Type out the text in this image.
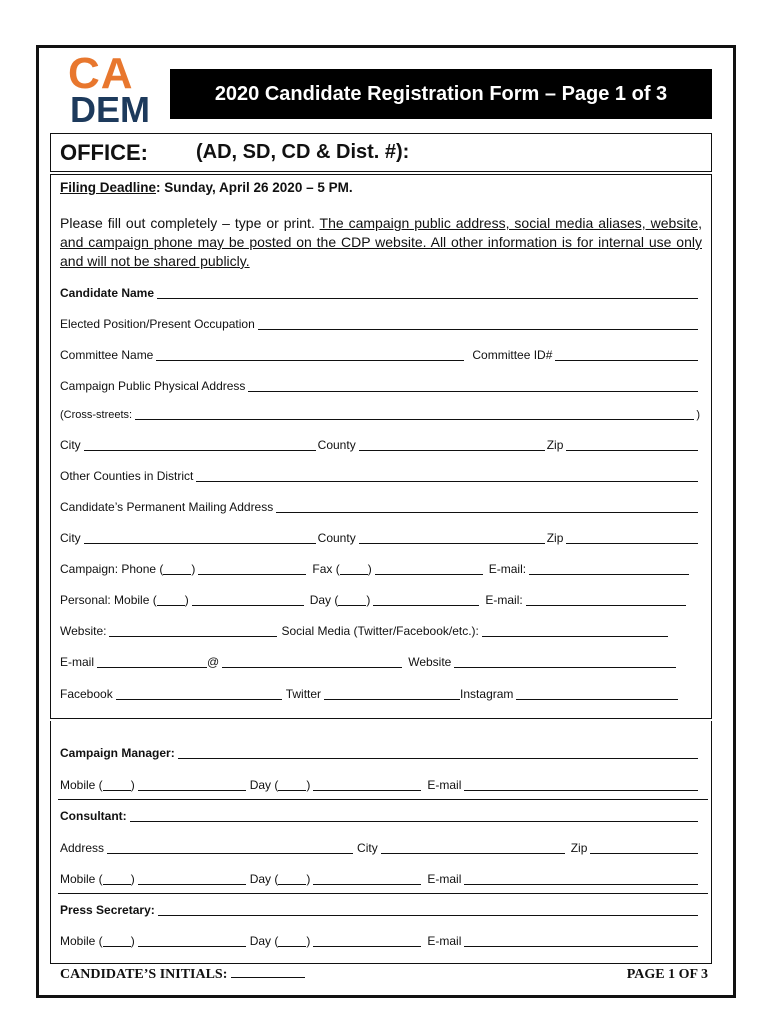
CA
DEM	2020 Candidate Registration Form – Page 1 of 3
OFFICE: (AD, SD, CD & Dist. #):
Filing Deadline: Sunday, April 26 2020 – 5 PM.
Please fill out completely – type or print. The campaign public address, social media aliases, website, and campaign phone may be posted on the CDP website. All other information is for internal use only and will not be shared publicly.
Candidate Name
Elected Position/Present Occupation
Committee Name	Committee ID#
Campaign Public Physical Address
(Cross-streets:	)
City	County	Zip
Other Counties in District
Candidate’s Permanent Mailing Address
City	County	Zip
Campaign: Phone ( )	Fax ( )	E-mail:
Personal: Mobile ( )	Day ( )	E-mail:
Website:	Social Media (Twitter/Facebook/etc.):
E-mail	@	Website
Facebook	Twitter	Instagram
Campaign Manager:
Mobile ( )	Day ( )	E-mail
Consultant:
Address	City	Zip
Mobile ( )	Day ( )	E-mail
Press Secretary:
Mobile ( )	Day ( )	E-mail
CANDIDATE’S INITIALS:	PAGE 1 OF 3
